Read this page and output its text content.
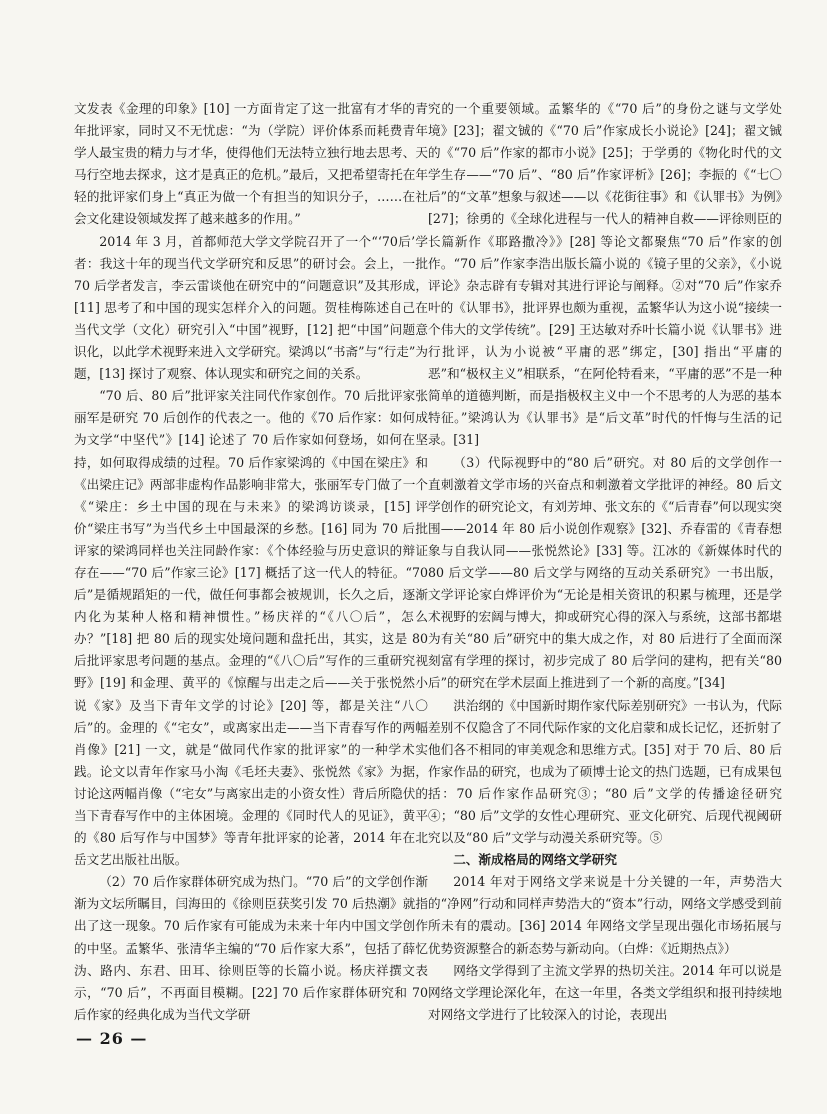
文发表《金理的印象》[10] 一方面肯定了这一批富有才华的青年批评家，同时又不无忧虑：“为（学院）评价体系而耗费青年学人最宝贵的精力与才华，使得他们无法特立独行地去思考、天马行空地去探求，这才是真正的危机。”最后，又把希望寄托在年轻的批评家们身上“真正为做一个有担当的知识分子，……在社会文化建设领域发挥了越来越多的作用。”

2014 年 3 月，首都师范大学文学院召开了一个“‘70后’学者：我这十年的现当代文学研究和反思”的研讨会。会上，一批 70 后学者发言，李云雷谈他在研究中的“问题意识”及其形成，[11] 思考了和中国的现实怎样介入的问题。贺桂梅陈述自己在当代文学（文化）研究引入“中国”视野，[12] 把“中国”问题意识化，以此学术视野来进入文学研究。梁鸿以“书斋”与“行走”为题，[13] 探讨了观察、体认现实和研究之间的关系。

“70 后、80 后”批评家关注同代作家创作。70 后批评家张丽军是研究 70 后创作的代表之一。他的《70 后作家：如何成为文学“中坚代”》[14] 论述了 70 后作家如何登场，如何在坚持，如何取得成绩的过程。70 后作家梁鸿的《中国在梁庄》和《出梁庄记》两部非虚构作品影响非常大，张丽军专门做了一个《“梁庄：乡土中国的现在与未来》的梁鸿访谈录，[15] 评价“梁庄书写”为当代乡土中国最深的乡愁。[16] 同为 70 后批评家的梁鸿同样也关注同龄作家：《个体经验与历史意识的辩证存在——“70 后”作家三论》[17] 概括了这一代人的特征。“70 后”是循规蹈矩的一代，做任何事都会被规训，长久之后，逐渐内化为某种人格和精神惯性。”杨庆祥的“《八〇后”，怎么办？”[18] 把 80 后的现实处境问题和盘托出，其实，这是 80 后批评家思考问题的基点。金理的“《八〇后”写作的三重研究视野》[19] 和金理、黄平的《惊醒与出走之后——关于张悦然小说《家》及当下青年文学的讨论》[20] 等，都是关注“八〇后”的。金理的《“宅女”，或离家出走——当下青春写作的两幅肖像》[21] 一文，就是“做同代作家的批评家”的一种学术实践。论文以青年作家马小淘《毛坯夫妻》、张悦然《家》为据，讨论这两幅肖像（“宅女”与离家出走的小资女性）背后所隐伏的当下青春写作中的主体困境。金理的《同时代人的见证》，黄平的《80 后写作与中国梦》等青年批评家的论著，2014 年在北岳文艺出版社出版。

（2）70 后作家群体研究成为热门。“70 后”的文学创作渐渐为文坛所瞩目，闫海田的《徐则臣获奖引发 70 后热潮》就指出了这一现象。70 后作家有可能成为未来十年内中国文学创作的中坚。孟繁华、张清华主编的“70 后作家大系”，包括了薛忆沩、路内、东君、田耳、徐则臣等的长篇小说。杨庆祥撰文表示，“70 后”，不再面目模糊。[22] 70 后作家群体研究和 70 后作家的经典化成为当代文学研

究的一个重要领域。孟繁华的《“70 后”的身份之谜与文学处境》[23]；翟文铖的《“70 后”作家成长小说论》[24]；翟文铖的《“70 后”作家的都市小说》[25]；于学勇的《物化时代的文学生存——“70 后”、“80 后”作家评析》[26]；李振的《“七〇后”的“文革”想象与叙述——以《花街往事》和《认罪书》为例》[27]；徐勇的《全球化进程与一代人的精神自救——评徐则臣的长篇新作《耶路撒冷》》[28] 等论文都聚焦“70 后”作家的创作。“70 后”作家李浩出版长篇小说的《镜子里的父亲》，《小说评论》杂志辟有专辑对其进行评论与阐释。②对“70 后”作家乔叶的《认罪书》，批评界也颇为重视，孟繁华认为这小说“接续一个伟大的文学传统”。[29] 王达敏对乔叶长篇小说《认罪书》进行批评，认为小说被“平庸的恶”绑定，[30] 指出“平庸的恶”和“极权主义”相联系，“在阿伦特看来，“平庸的恶”不是一种简单的道德判断，而是指极权主义中一个不思考的人为恶的基本特征。”梁鸿认为《认罪书》是“后文革”时代的忏悔与生活的记录。[31]

（3）代际视野中的“80 后”研究。对 80 后的文学创作一直刺激着文学市场的兴奋点和刺激着文学批评的神经。80 后文学创作的研究论文，有刘芳坤、张文东的《“后青春”何以现实突围——2014 年 80 后小说创作观察》[32]、乔春雷的《青春想象与自我认同——张悦然论》[33] 等。江冰的《新媒体时代的 80 后文学——80 后文学与网络的互动关系研究》一书出版，文学评论家白烨评价为“无论是相关资讯的积累与梳理，还是学术视野的宏阔与博大，抑或研究心得的深入与系统，这部书都堪为有关“80 后”研究中的集大成之作，对 80 后进行了全面而深刻富有学理的探讨，初步完成了 80 后学问的建构，把有关“80 后”的研究在学术层面上推进到了一个新的高度。”[34]

洪治纲的《中国新时期作家代际差别研究》一书认为，代际差别不仅隐含了不同代际作家的文化启蒙和成长记忆，还折射了他们各不相同的审美观念和思维方式。[35] 对于 70 后、80 后作家作品的研究，也成为了硕博士论文的热门选题，已有成果包括：70 后作家作品研究③；“80 后”文学的传播途径研究④；“80 后”文学的女性心理研究、亚文化研究、后现代视阈研究以及“80 后”文学与动漫关系研究等。⑤

二、渐成格局的网络文学研究

2014 年对于网络文学来说是十分关键的一年，声势浩大的“净网”行动和同样声势浩大的“资本”行动，网络文学感受到前所未有的震动。[36] 2014 年网络文学呈现出强化市场拓展与优势资源整合的新态势与新动向。（白烨：《近期热点》）

网络文学得到了主流文学界的热切关注。2014 年可以说是网络文学理论深化年，在这一年里，各类文学组织和报刊持续地对网络文学进行了比较深入的讨论，表现出

— 26 —
